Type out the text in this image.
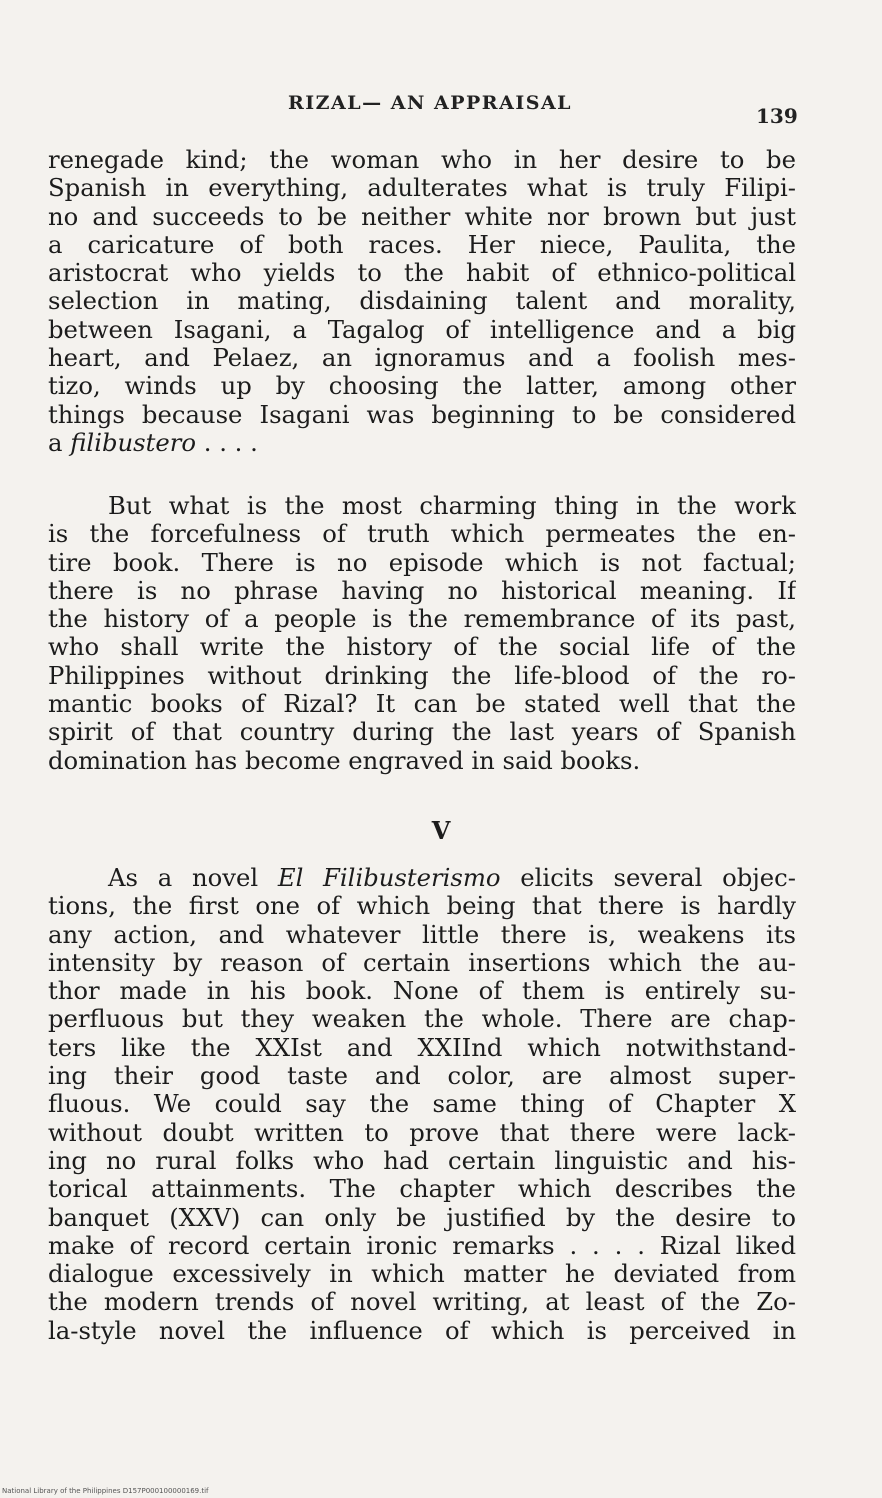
RIZAL— AN APPRAISAL
139
renegade kind; the woman who in her desire to be
Spanish in everything, adulterates what is truly Filipi-
no and succeeds to be neither white nor brown but just
a caricature of both races. Her niece, Paulita, the
aristocrat who yields to the habit of ethnico-political
selection in mating, disdaining talent and morality,
between Isagani, a Tagalog of intelligence and a big
heart, and Pelaez, an ignoramus and a foolish mes-
tizo, winds up by choosing the latter, among other
things because Isagani was beginning to be considered
a filibustero . . . .
But what is the most charming thing in the work
is the forcefulness of truth which permeates the en-
tire book. There is no episode which is not factual;
there is no phrase having no historical meaning. If
the history of a people is the remembrance of its past,
who shall write the history of the social life of the
Philippines without drinking the life-blood of the ro-
mantic books of Rizal? It can be stated well that the
spirit of that country during the last years of Spanish
domination has become engraved in said books.
V
As a novel El Filibusterismo elicits several objec-
tions, the first one of which being that there is hardly
any action, and whatever little there is, weakens its
intensity by reason of certain insertions which the au-
thor made in his book. None of them is entirely su-
perfluous but they weaken the whole. There are chap-
ters like the XXIst and XXIInd which notwithstand-
ing their good taste and color, are almost super-
fluous. We could say the same thing of Chapter X
without doubt written to prove that there were lack-
ing no rural folks who had certain linguistic and his-
torical attainments. The chapter which describes the
banquet (XXV) can only be justified by the desire to
make of record certain ironic remarks . . . . Rizal liked
dialogue excessively in which matter he deviated from
the modern trends of novel writing, at least of the Zo-
la-style novel the influence of which is perceived in
National Library of the Philippines D157P000100000169.tif
